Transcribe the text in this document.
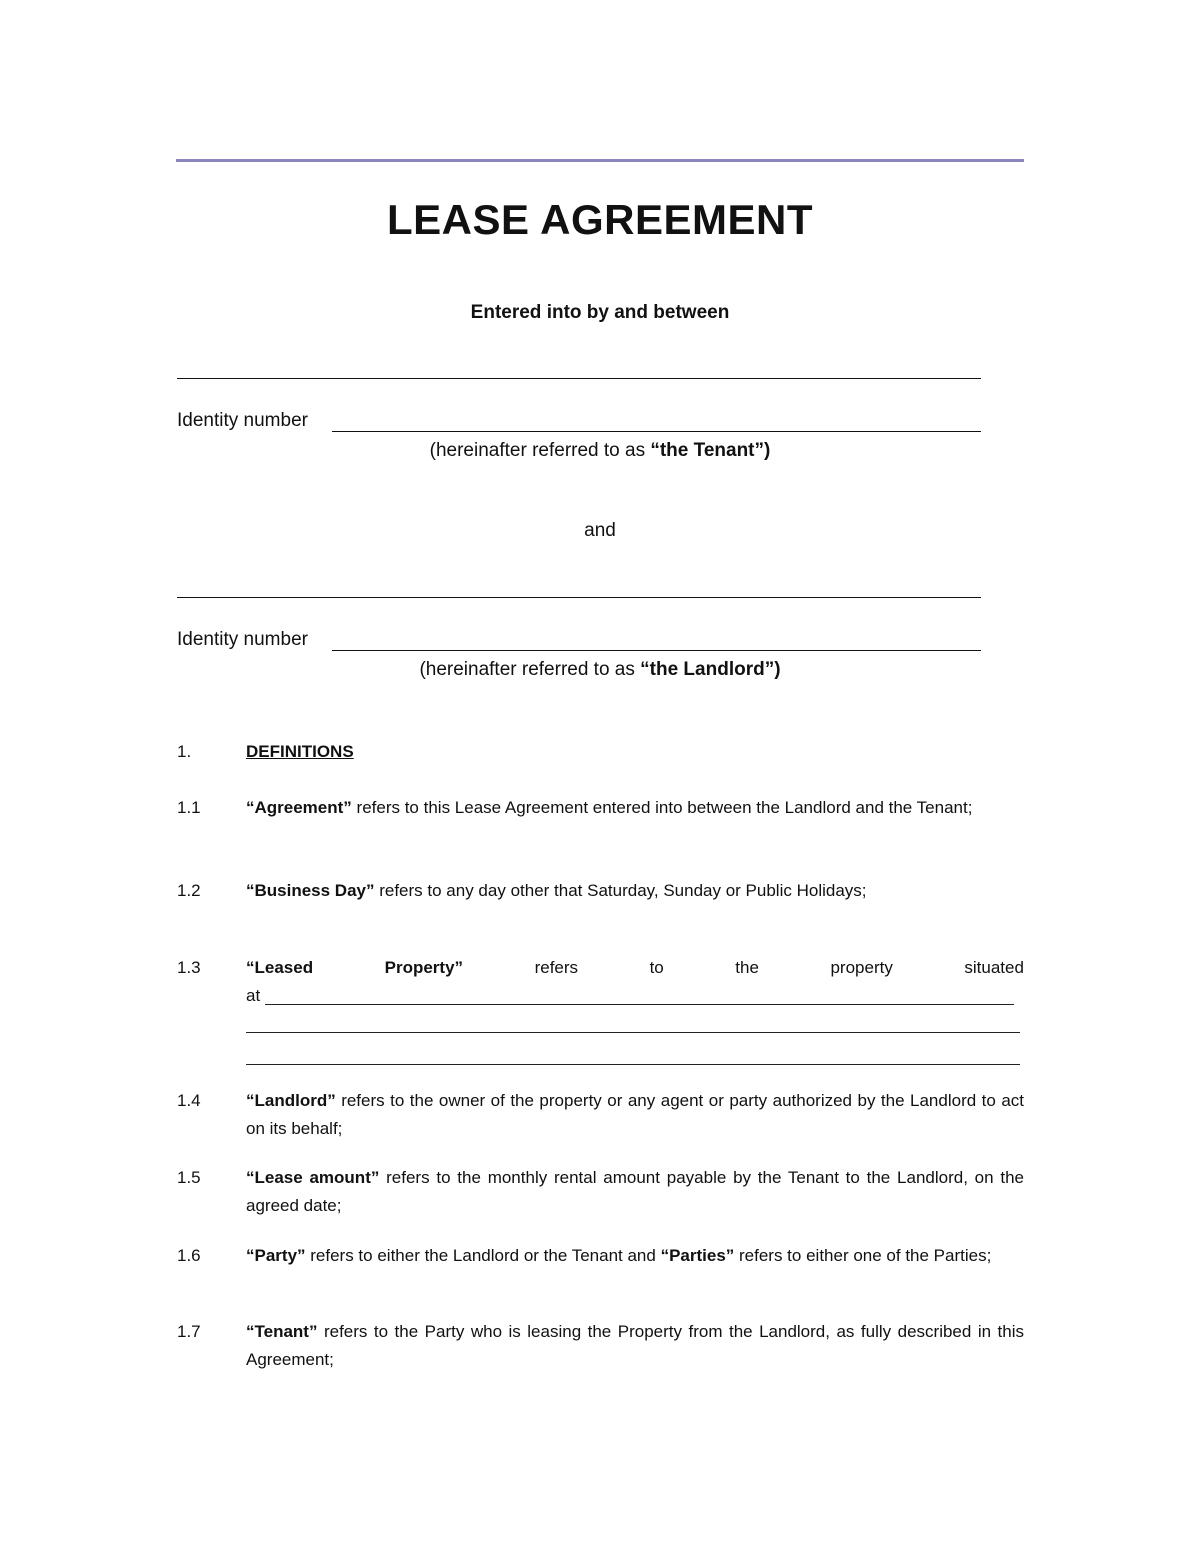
LEASE AGREEMENT
Entered into by and between
Identity number
(hereinafter referred to as “the Tenant”)
and
Identity number
(hereinafter referred to as “the Landlord”)
1.	DEFINITIONS
1.1	“Agreement” refers to this Lease Agreement entered into between the Landlord and the Tenant;
1.2	“Business Day” refers to any day other that Saturday, Sunday or Public Holidays;
1.3	“Leased	Property”	refers	to	the	property	situated
at
1.4	“Landlord” refers to the owner of the property or any agent or party authorized by the Landlord to act on its behalf;
1.5	“Lease amount” refers to the monthly rental amount payable by the Tenant to the Landlord, on the agreed date;
1.6	“Party” refers to either the Landlord or the Tenant and “Parties” refers to either one of the Parties;
1.7	“Tenant” refers to the Party who is leasing the Property from the Landlord, as fully described in this Agreement;
